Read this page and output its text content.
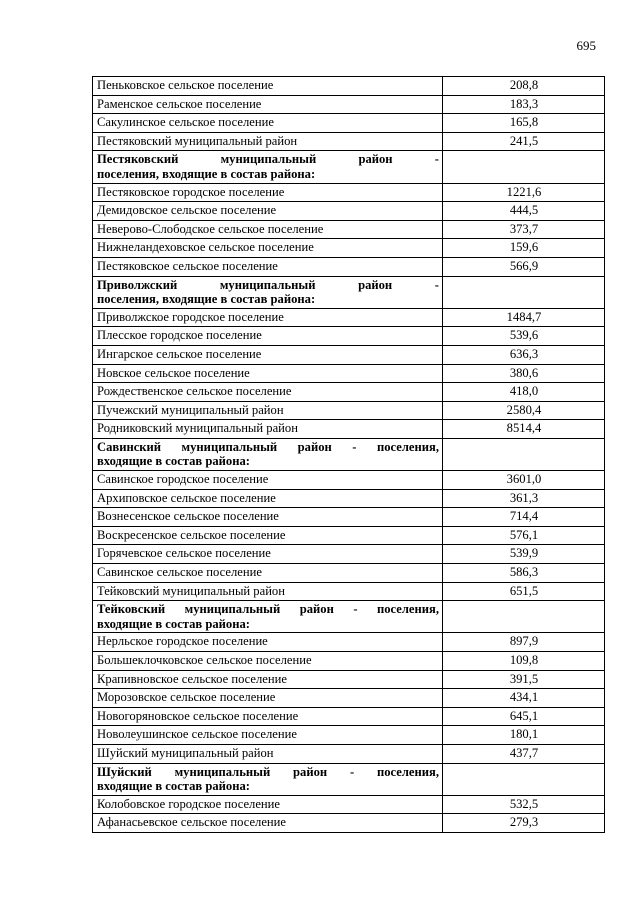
695
Пеньковское сельское поселение	208,8
Раменское сельское поселение	183,3
Сакулинское сельское поселение	165,8
Пестяковский муниципальный район	241,5

Пестяковский муниципальный район -
поселения, входящие в состав района:	

Пестяковское городское поселение	1221,6
Демидовское сельское поселение	444,5
Неверово-Слободское сельское поселение	373,7
Нижнеландеховское сельское поселение	159,6
Пестяковское сельское поселение	566,9

Приволжский муниципальный район -
поселения, входящие в состав района:	

Приволжское городское поселение	1484,7
Плесское городское поселение	539,6
Ингарское сельское поселение	636,3
Новское сельское поселение	380,6
Рождественское сельское поселение	418,0
Пучежский муниципальный район	2580,4
Родниковский муниципальный район	8514,4

Савинский муниципальный район - поселения,
входящие в состав района:	

Савинское городское поселение	3601,0
Архиповское сельское поселение	361,3
Вознесенское сельское поселение	714,4
Воскресенское сельское поселение	576,1
Горячевское сельское поселение	539,9
Савинское сельское поселение	586,3
Тейковский муниципальный район	651,5

Тейковский муниципальный район - поселения,
входящие в состав района:	

Нерльское городское поселение	897,9
Большеклочковское сельское поселение	109,8
Крапивновское сельское поселение	391,5
Морозовское сельское поселение	434,1
Новогоряновское сельское поселение	645,1
Новолеушинское сельское поселение	180,1
Шуйский муниципальный район	437,7

Шуйский муниципальный район - поселения,
входящие в состав района:	

Колобовское городское поселение	532,5
Афанасьевское сельское поселение	279,3
